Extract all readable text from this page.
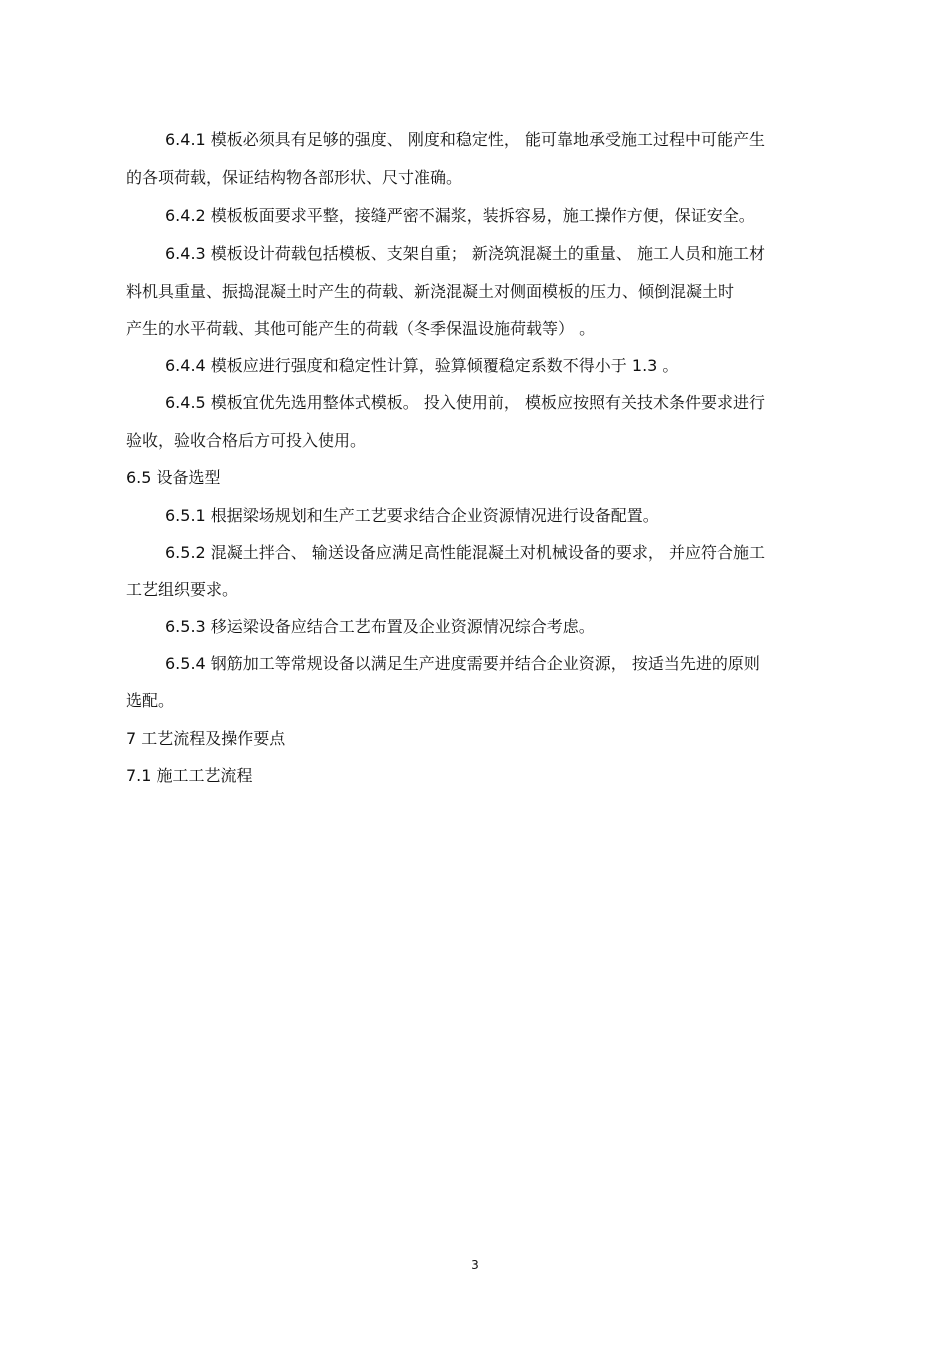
6.4.1 模板必须具有足够的强度、 刚度和稳定性， 能可靠地承受施工过程中可能产生
的各项荷载，保证结构物各部形状、尺寸准确。
6.4.2 模板板面要求平整，接缝严密不漏浆，装拆容易，施工操作方便，保证安全。
6.4.3 模板设计荷载包括模板、支架自重； 新浇筑混凝土的重量、 施工人员和施工材
料机具重量、振捣混凝土时产生的荷载、新浇混凝土对侧面模板的压力、倾倒混凝土时
产生的水平荷载、其他可能产生的荷载（冬季保温设施荷载等） 。
6.4.4 模板应进行强度和稳定性计算，验算倾覆稳定系数不得小于 1.3 。
6.4.5 模板宜优先选用整体式模板。 投入使用前， 模板应按照有关技术条件要求进行
验收，验收合格后方可投入使用。
6.5 设备选型
6.5.1 根据梁场规划和生产工艺要求结合企业资源情况进行设备配置。
6.5.2 混凝土拌合、 输送设备应满足高性能混凝土对机械设备的要求， 并应符合施工
工艺组织要求。
6.5.3 移运梁设备应结合工艺布置及企业资源情况综合考虑。
6.5.4 钢筋加工等常规设备以满足生产进度需要并结合企业资源， 按适当先进的原则
选配。
7 工艺流程及操作要点
7.1 施工工艺流程
3
